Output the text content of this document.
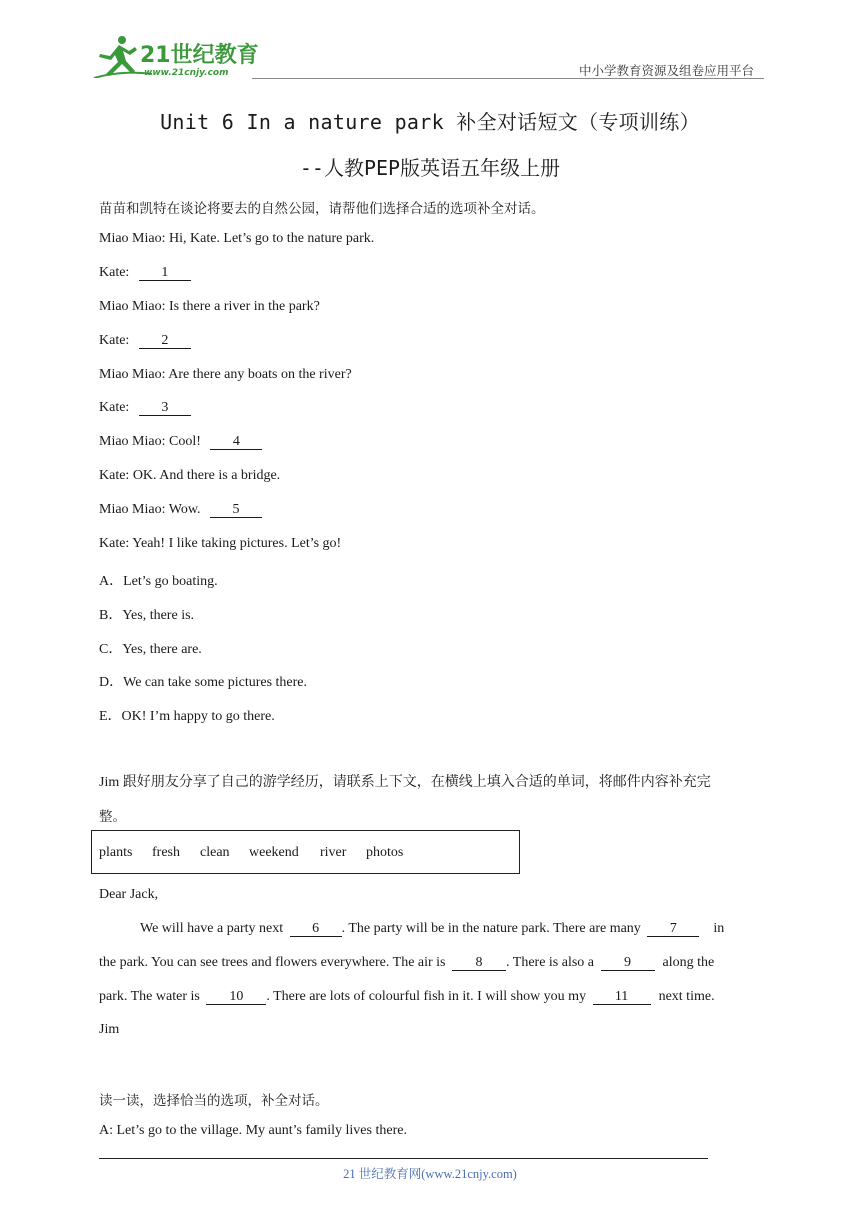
21世纪教育
www.21cnjy.com	中小学教育资源及组卷应用平台
Unit 6 In a nature park 补全对话短文（专项训练）
--人教PEP版英语五年级上册
苗苗和凯特在谈论将要去的自然公园，请帮他们选择合适的选项补全对话。
Miao Miao: Hi, Kate. Let’s go to the nature park.
Kate: 1
Miao Miao: Is there a river in the park?
Kate: 2
Miao Miao: Are there any boats on the river?
Kate: 3
Miao Miao: Cool! 4
Kate: OK. And there is a bridge.
Miao Miao: Wow. 5
Kate: Yeah! I like taking pictures. Let’s go!
A．Let’s go boating.
B．Yes, there is.
C．Yes, there are.
D．We can take some pictures there.
E．OK! I’m happy to go there.
Jim 跟好朋友分享了自己的游学经历，请联系上下文，在横线上填入合适的单词，将邮件内容补充完
整。
plants fresh clean weekend river photos
Dear Jack,
We will have a party next 6 . The party will be in the nature park. There are many 7	in
the park. You can see trees and flowers everywhere. The air is 8 . There is also a 9 along the
park. The water is 10 . There are lots of colourful fish in it. I will show you my 11 next time.
Jim
读一读，选择恰当的选项，补全对话。
A: Let’s go to the village. My aunt’s family lives there.
21 世纪教育网(www.21cnjy.com)
